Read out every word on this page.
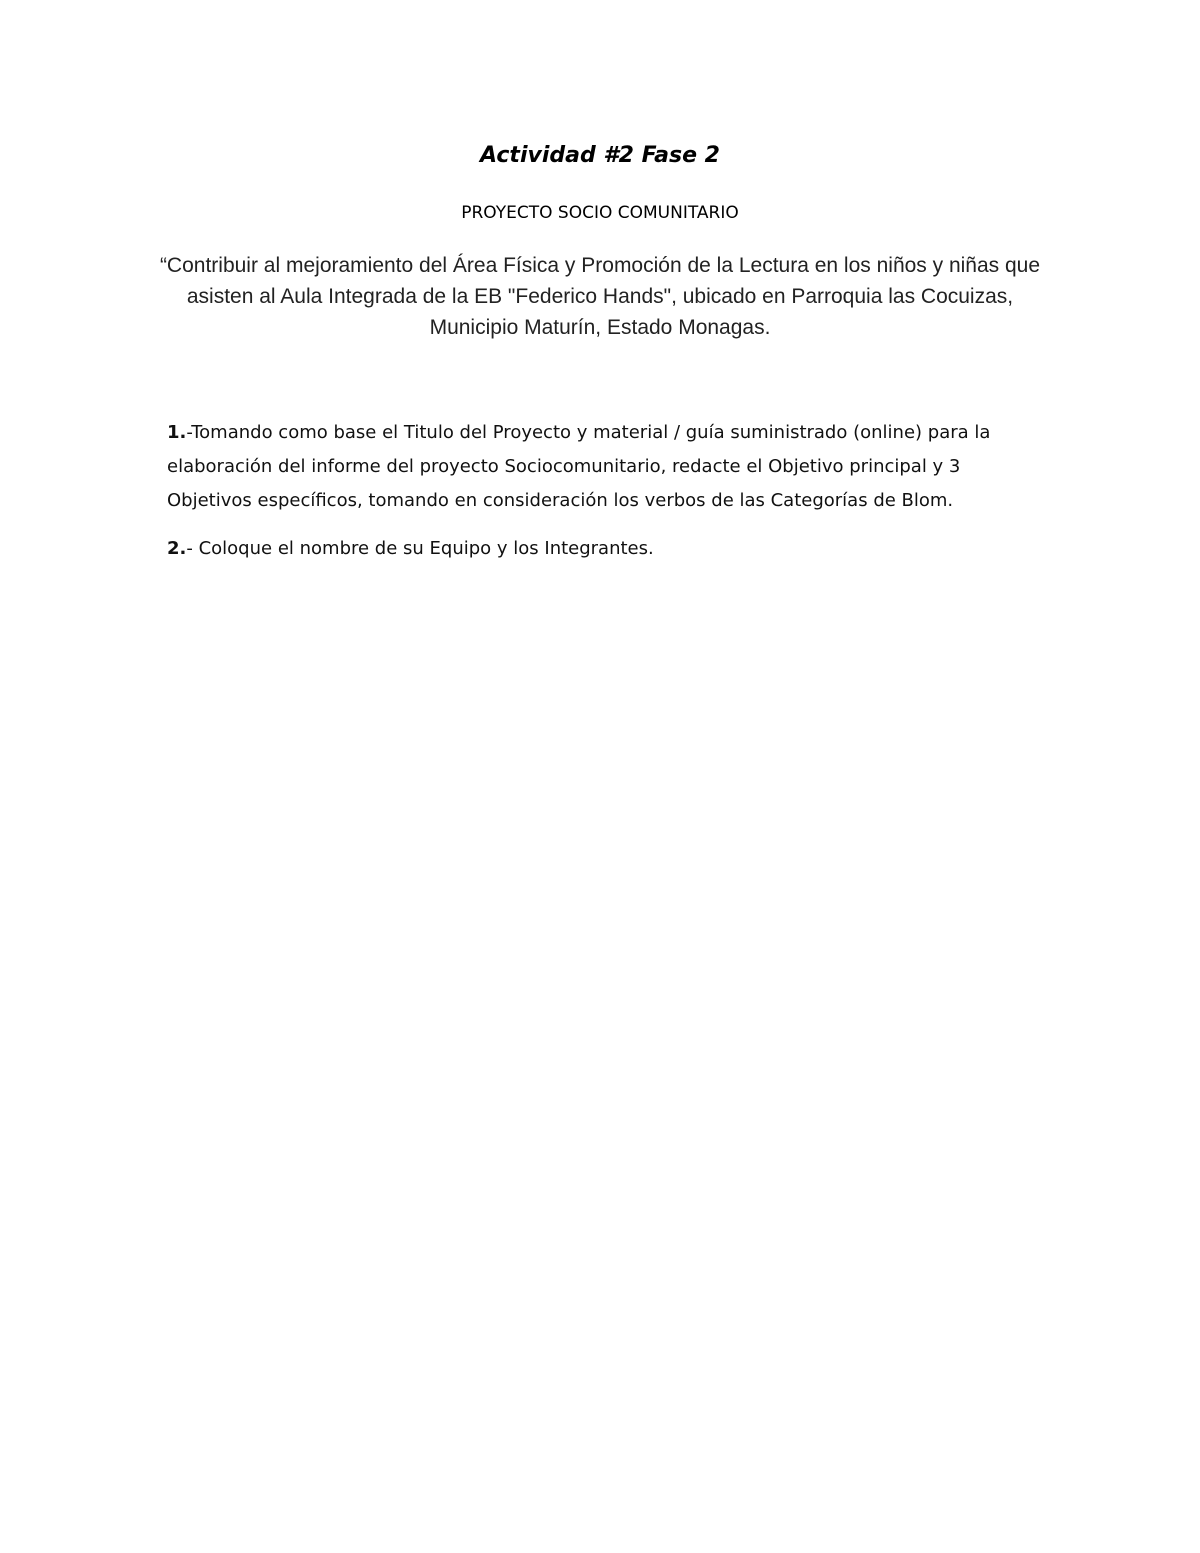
Actividad #2 Fase 2
PROYECTO SOCIO COMUNITARIO
“Contribuir al mejoramiento del Área Física y Promoción de la Lectura en los niños y niñas que asisten al Aula Integrada de la EB "Federico Hands", ubicado en Parroquia las Cocuizas, Municipio Maturín, Estado Monagas.

1.-Tomando como base el Titulo del Proyecto y material / guía suministrado (online) para la elaboración del informe del proyecto Sociocomunitario, redacte el Objetivo principal y 3 Objetivos específicos, tomando en consideración los verbos de las Categorías de Blom.

2.- Coloque el nombre de su Equipo y los Integrantes.
